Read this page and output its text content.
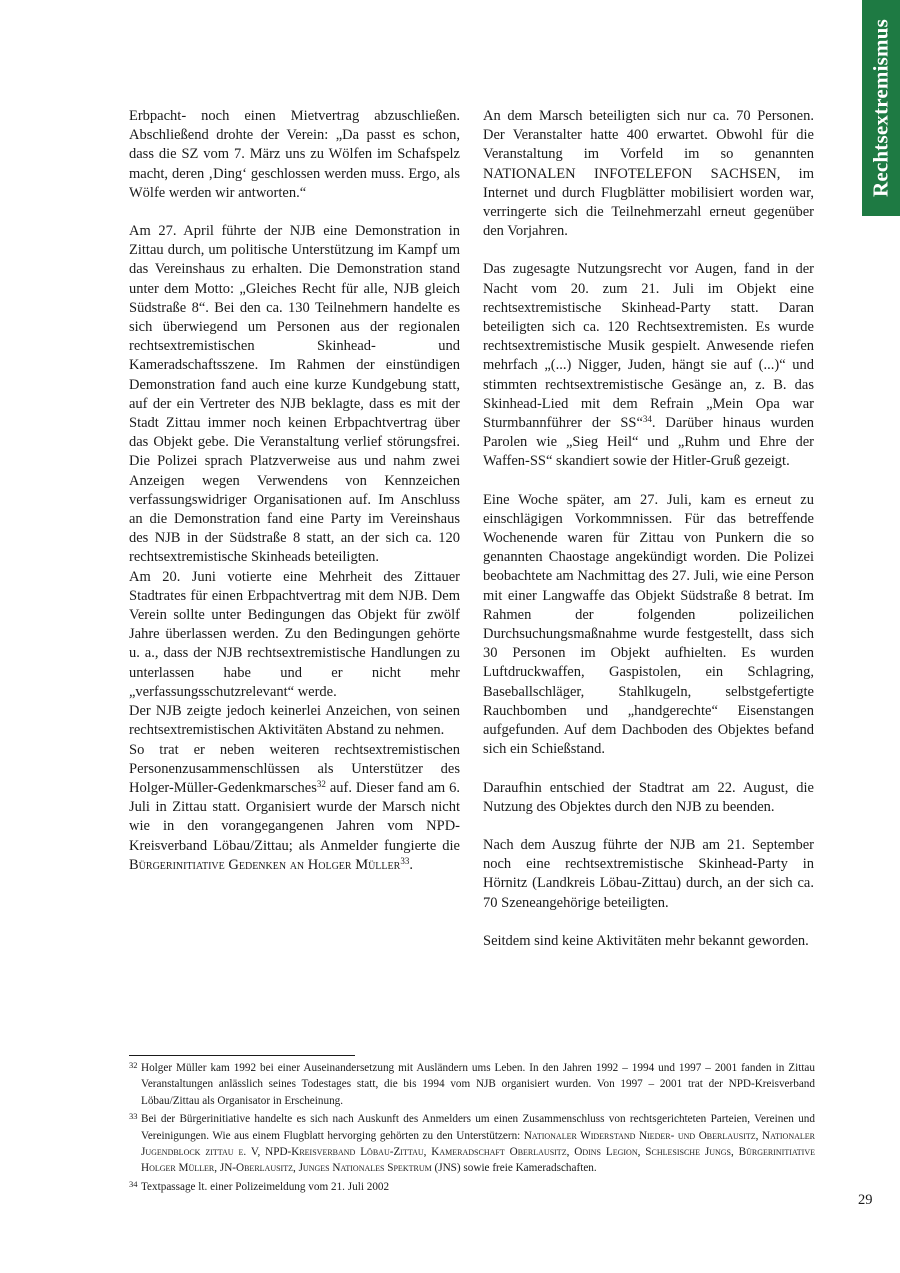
Rechtsextremismus

Erbpacht- noch einen Mietvertrag abzuschließen. Abschließend drohte der Verein: „Da passt es schon, dass die SZ vom 7. März uns zu Wölfen im Schafspelz macht, deren ‚Ding‘ geschlossen werden muss. Ergo, als Wölfe werden wir antworten.“

Am 27. April führte der NJB eine Demonstration in Zittau durch, um politische Unterstützung im Kampf um das Vereinshaus zu erhalten. Die Demonstration stand unter dem Motto: „Gleiches Recht für alle, NJB gleich Südstraße 8“. Bei den ca. 130 Teilnehmern handelte es sich überwiegend um Personen aus der regionalen rechtsextremistischen Skinhead- und Kameradschaftsszene. Im Rahmen der einstündigen Demonstration fand auch eine kurze Kundgebung statt, auf der ein Vertreter des NJB beklagte, dass es mit der Stadt Zittau immer noch keinen Erbpachtvertrag über das Objekt gebe. Die Veranstaltung verlief störungsfrei. Die Polizei sprach Platzverweise aus und nahm zwei Anzeigen wegen Verwendens von Kennzeichen verfassungswidriger Organisationen auf. Im Anschluss an die Demonstration fand eine Party im Vereinshaus des NJB in der Südstraße 8 statt, an der sich ca. 120 rechtsextremistische Skinheads beteiligten.

Am 20. Juni votierte eine Mehrheit des Zittauer Stadtrates für einen Erbpachtvertrag mit dem NJB. Dem Verein sollte unter Bedingungen das Objekt für zwölf Jahre überlassen werden. Zu den Bedingungen gehörte u. a., dass der NJB rechtsextremistische Handlungen zu unterlassen habe und er nicht mehr „verfassungsschutzrelevant“ werde.

Der NJB zeigte jedoch keinerlei Anzeichen, von seinen rechtsextremistischen Aktivitäten Abstand zu nehmen.

So trat er neben weiteren rechtsextremistischen Personenzusammenschlüssen als Unterstützer des Holger-Müller-Gedenkmarsches$^{32}$ auf. Dieser fand am 6. Juli in Zittau statt. Organisiert wurde der Marsch nicht wie in den vorangegangenen Jahren vom NPD-Kreisverband Löbau/Zittau; als Anmelder fungierte die Bürgerinitiative Gedenken an Holger Müller$^{33}$.

An dem Marsch beteiligten sich nur ca. 70 Personen. Der Veranstalter hatte 400 erwartet. Obwohl für die Veranstaltung im Vorfeld im so genannten NATIONALEN INFOTELEFON SACHSEN, im Internet und durch Flugblätter mobilisiert worden war, verringerte sich die Teilnehmerzahl erneut gegenüber den Vorjahren.

Das zugesagte Nutzungsrecht vor Augen, fand in der Nacht vom 20. zum 21. Juli im Objekt eine rechtsextremistische Skinhead-Party statt. Daran beteiligten sich ca. 120 Rechtsextremisten. Es wurde rechtsextremistische Musik gespielt. Anwesende riefen mehrfach „(...) Nigger, Juden, hängt sie auf (...)“ und stimmten rechtsextremistische Gesänge an, z. B. das Skinhead-Lied mit dem Refrain „Mein Opa war Sturmbannführer der SS“$^{34}$. Darüber hinaus wurden Parolen wie „Sieg Heil“ und „Ruhm und Ehre der Waffen-SS“ skandiert sowie der Hitler-Gruß gezeigt.

Eine Woche später, am 27. Juli, kam es erneut zu einschlägigen Vorkommnissen. Für das betreffende Wochenende waren für Zittau von Punkern die so genannten Chaostage angekündigt worden. Die Polizei beobachtete am Nachmittag des 27. Juli, wie eine Person mit einer Langwaffe das Objekt Südstraße 8 betrat. Im Rahmen der folgenden polizeilichen Durchsuchungsmaßnahme wurde festgestellt, dass sich 30 Personen im Objekt aufhielten. Es wurden Luftdruckwaffen, Gaspistolen, ein Schlagring, Baseballschläger, Stahlkugeln, selbstgefertigte Rauchbomben und „handgerechte“ Eisenstangen aufgefunden. Auf dem Dachboden des Objektes befand sich ein Schießstand.

Daraufhin entschied der Stadtrat am 22. August, die Nutzung des Objektes durch den NJB zu beenden.

Nach dem Auszug führte der NJB am 21. September noch eine rechtsextremistische Skinhead-Party in Hörnitz (Landkreis Löbau-Zittau) durch, an der sich ca. 70 Szeneangehörige beteiligten.

Seitdem sind keine Aktivitäten mehr bekannt geworden.

32 Holger Müller kam 1992 bei einer Auseinandersetzung mit Ausländern ums Leben. In den Jahren 1992 – 1994 und 1997 – 2001 fanden in Zittau Veranstaltungen anlässlich seines Todestages statt, die bis 1994 vom NJB organisiert wurden. Von 1997 – 2001 trat der NPD-Kreisverband Löbau/Zittau als Organisator in Erscheinung.

33 Bei der Bürgerinitiative handelte es sich nach Auskunft des Anmelders um einen Zusammenschluss von rechtsgerichteten Parteien, Vereinen und Vereinigungen. Wie aus einem Flugblatt hervorging gehörten zu den Unterstützern: Nationaler Widerstand Nieder- und Oberlausitz, Nationaler Jugendblock zittau e. V, NPD-Kreisverband Löbau-Zittau, Kameradschaft Oberlausitz, Odins Legion, Schlesische Jungs, Bürgerinitiative Holger Müller, JN-Oberlausitz, Junges Nationales Spektrum (JNS) sowie freie Kameradschaften.

34 Textpassage lt. einer Polizeimeldung vom 21. Juli 2002

29
